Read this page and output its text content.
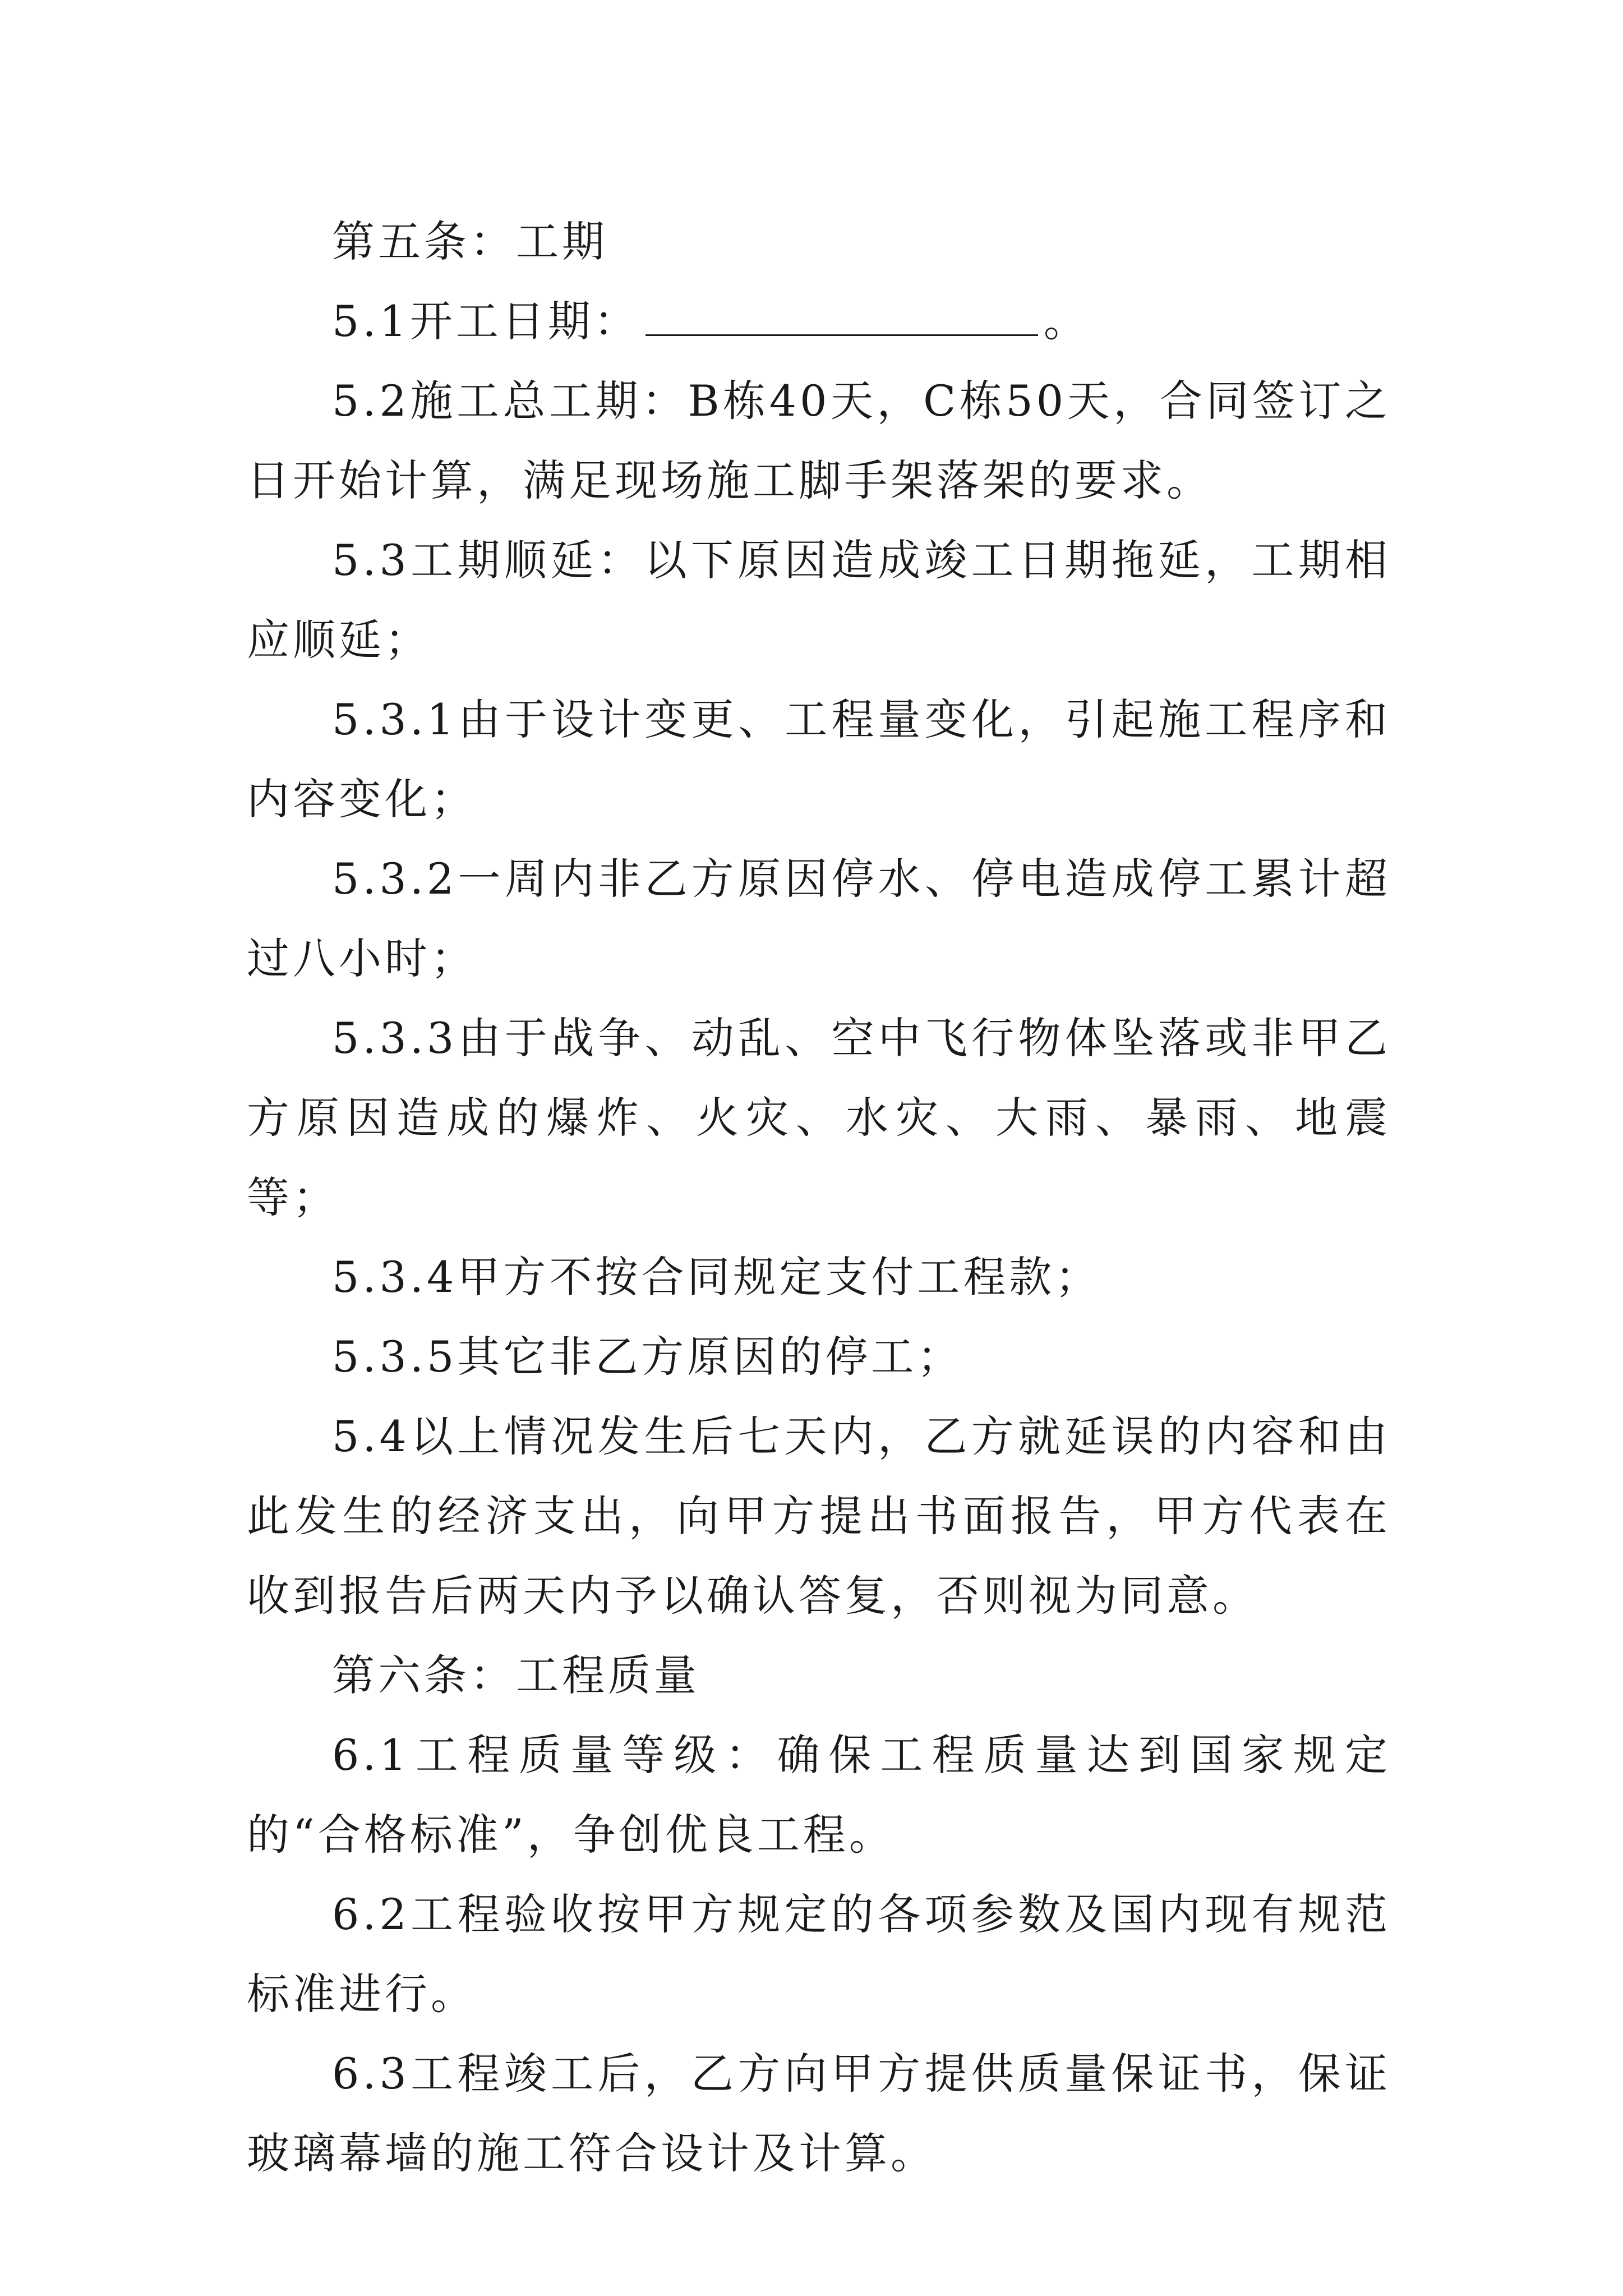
第五条：工期

5.1开工日期：	。

5.2施工总工期：B栋40天，C栋50天，合同签订之日开始计算，满足现场施工脚手架落架的要求。

5.3工期顺延：以下原因造成竣工日期拖延，工期相应顺延；

5.3.1由于设计变更、工程量变化，引起施工程序和内容变化；

5.3.2一周内非乙方原因停水、停电造成停工累计超过八小时；

5.3.3由于战争、动乱、空中飞行物体坠落或非甲乙方原因造成的爆炸、火灾、水灾、大雨、暴雨、地震等；

5.3.4甲方不按合同规定支付工程款；

5.3.5其它非乙方原因的停工；

5.4以上情况发生后七天内，乙方就延误的内容和由此发生的经济支出，向甲方提出书面报告，甲方代表在收到报告后两天内予以确认答复，否则视为同意。

第六条：工程质量

6.1工程质量等级：确保工程质量达到国家规定的“合格标准”，争创优良工程。

6.2工程验收按甲方规定的各项参数及国内现有规范标准进行。

6.3工程竣工后，乙方向甲方提供质量保证书，保证玻璃幕墙的施工符合设计及计算。
